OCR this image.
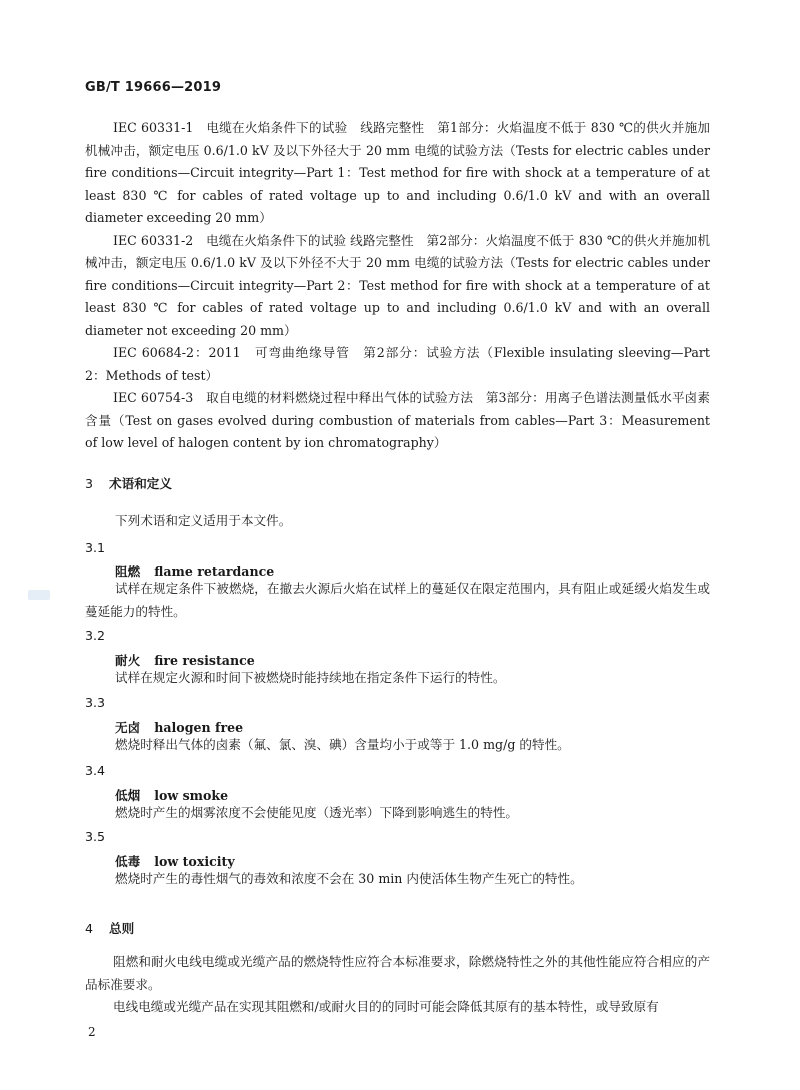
GB/T 19666—2019

IEC 60331-1　电缆在火焰条件下的试验　线路完整性　第1部分：火焰温度不低于 830 ℃的供火并施加机械冲击，额定电压 0.6/1.0 kV 及以下外径大于 20 mm 电缆的试验方法（Tests for electric cables under fire conditions—Circuit integrity—Part 1：Test method for fire with shock at a temperature of at least 830 ℃ for cables of rated voltage up to and including 0.6/1.0 kV and with an overall diameter exceeding 20 mm）

IEC 60331-2　电缆在火焰条件下的试验 线路完整性　第2部分：火焰温度不低于 830 ℃的供火并施加机械冲击，额定电压 0.6/1.0 kV 及以下外径不大于 20 mm 电缆的试验方法（Tests for electric cables under fire conditions—Circuit integrity—Part 2：Test method for fire with shock at a temperature of at least 830 ℃ for cables of rated voltage up to and including 0.6/1.0 kV and with an overall diameter not exceeding 20 mm）

IEC 60684-2：2011　可弯曲绝缘导管　第2部分：试验方法（Flexible insulating sleeving—Part 2：Methods of test）

IEC 60754-3　取自电缆的材料燃烧过程中释出气体的试验方法　第3部分：用离子色谱法测量低水平卤素含量（Test on gases evolved during combustion of materials from cables—Part 3：Measurement of low level of halogen content by ion chromatography）

3 术语和定义

下列术语和定义适用于本文件。

3.1
阻燃 flame retardance

试样在规定条件下被燃烧，在撤去火源后火焰在试样上的蔓延仅在限定范围内，具有阻止或延缓火焰发生或蔓延能力的特性。

3.2
耐火 fire resistance

试样在规定火源和时间下被燃烧时能持续地在指定条件下运行的特性。

3.3
无卤 halogen free

燃烧时释出气体的卤素（氟、氯、溴、碘）含量均小于或等于 1.0 mg/g 的特性。

3.4
低烟 low smoke

燃烧时产生的烟雾浓度不会使能见度（透光率）下降到影响逃生的特性。

3.5
低毒 low toxicity

燃烧时产生的毒性烟气的毒效和浓度不会在 30 min 内使活体生物产生死亡的特性。

4 总则

阻燃和耐火电线电缆或光缆产品的燃烧特性应符合本标准要求，除燃烧特性之外的其他性能应符合相应的产品标准要求。

电线电缆或光缆产品在实现其阻燃和/或耐火目的的同时可能会降低其原有的基本特性，或导致原有

2
